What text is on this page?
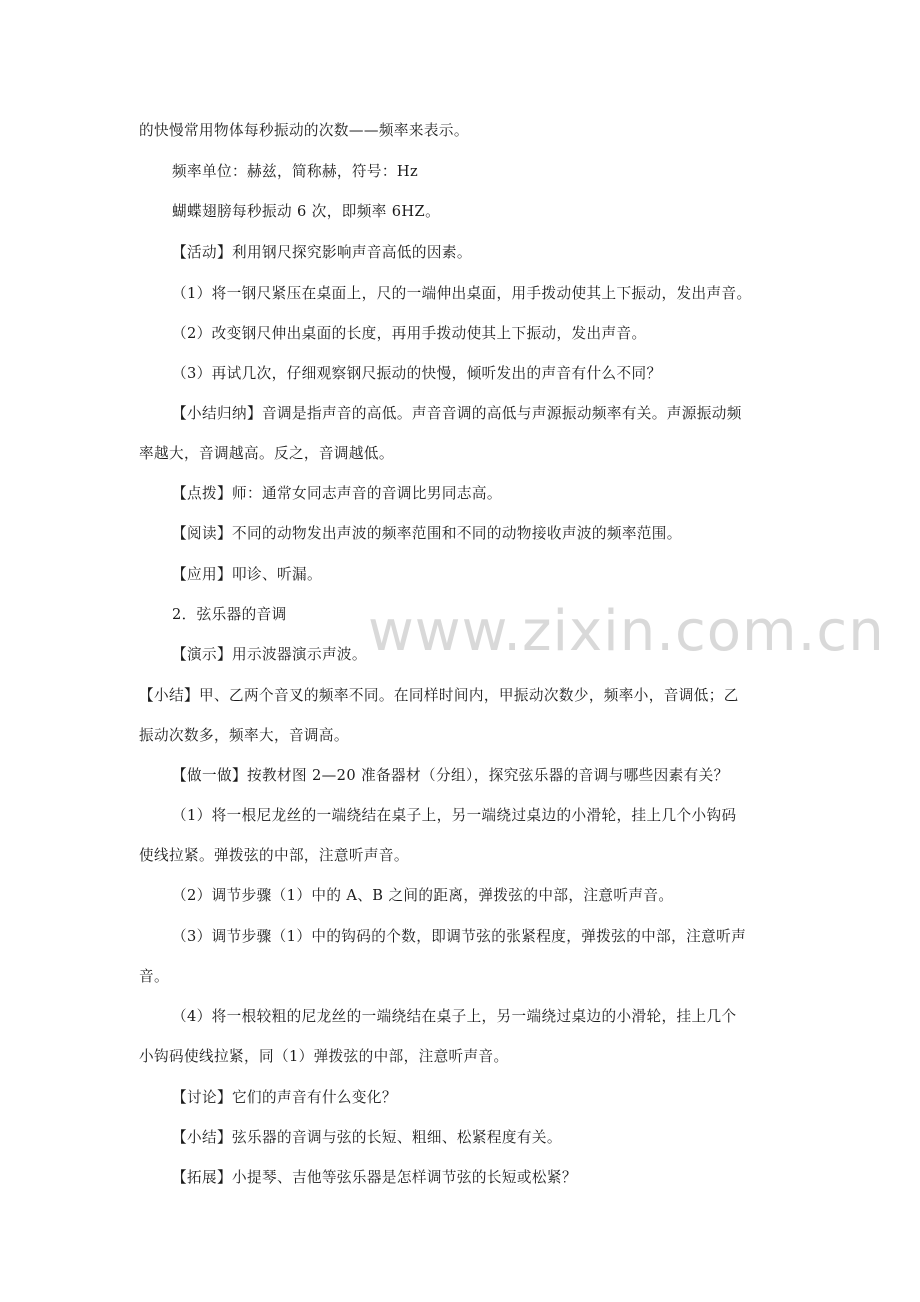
的快慢常用物体每秒振动的次数——频率来表示。
频率单位：赫兹，简称赫，符号：Hz
蝴蝶翅膀每秒振动 6 次，即频率 6HZ。
【活动】利用钢尺探究影响声音高低的因素。
（1）将一钢尺紧压在桌面上，尺的一端伸出桌面，用手拨动使其上下振动，发出声音。
（2）改变钢尺伸出桌面的长度，再用手拨动使其上下振动，发出声音。
（3）再试几次，仔细观察钢尺振动的快慢，倾听发出的声音有什么不同？
【小结归纳】音调是指声音的高低。声音音调的高低与声源振动频率有关。声源振动频
率越大，音调越高。反之，音调越低。
【点拨】师：通常女同志声音的音调比男同志高。
【阅读】不同的动物发出声波的频率范围和不同的动物接收声波的频率范围。
【应用】叩诊、听漏。
2．弦乐器的音调
【演示】用示波器演示声波。
【小结】甲、乙两个音叉的频率不同。在同样时间内，甲振动次数少，频率小，音调低；乙
振动次数多，频率大，音调高。
【做一做】按教材图 2—20 准备器材（分组），探究弦乐器的音调与哪些因素有关？
（1）将一根尼龙丝的一端绕结在桌子上，另一端绕过桌边的小滑轮，挂上几个小钩码
使线拉紧。弹拨弦的中部，注意听声音。
（2）调节步骤（1）中的 A、B 之间的距离，弹拨弦的中部，注意听声音。
（3）调节步骤（1）中的钩码的个数，即调节弦的张紧程度，弹拨弦的中部，注意听声
音。
（4）将一根较粗的尼龙丝的一端绕结在桌子上，另一端绕过桌边的小滑轮，挂上几个
小钩码使线拉紧，同（1）弹拨弦的中部，注意听声音。
【讨论】它们的声音有什么变化？
【小结】弦乐器的音调与弦的长短、粗细、松紧程度有关。
【拓展】小提琴、吉他等弦乐器是怎样调节弦的长短或松紧？
www.zixin.com.cn
